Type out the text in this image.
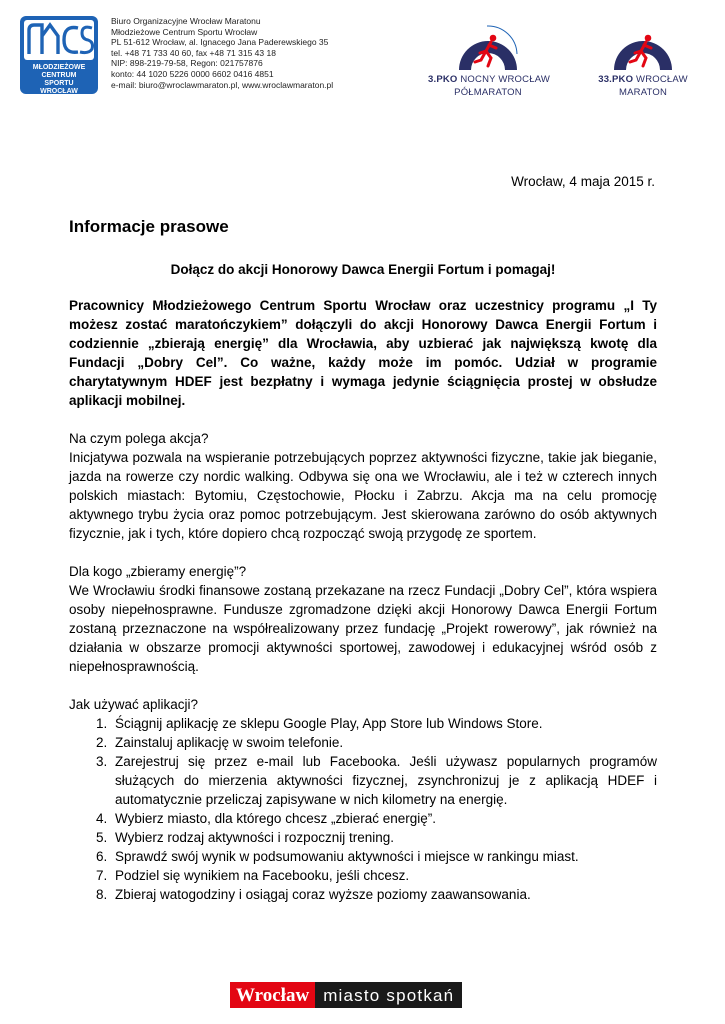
MŁODZIEŻOWE
CENTRUM
SPORTU
WROCŁAW
Biuro Organizacyjne Wrocław Maratonu
Młodzieżowe Centrum Sportu Wrocław
PL 51-612 Wrocław, al. Ignacego Jana Paderewskiego 35
tel. +48 71 733 40 60, fax +48 71 315 43 18
NIP: 898-219-79-58, Regon: 021757876
konto: 44 1020 5226 0000 6602 0416 4851
e-mail: biuro@wroclawmaraton.pl, www.wroclawmaraton.pl	3.PKO NOCNY WROCŁAW
PÓŁMARATON
33.PKO WROCŁAW
MARATON
Wrocław, 4 maja 2015 r.
Informacje prasowe
Dołącz do akcji Honorowy Dawca Energii Fortum i pomagaj!

Pracownicy Młodzieżowego Centrum Sportu Wrocław oraz uczestnicy programu „I Ty możesz zostać maratończykiem” dołączyli do akcji Honorowy Dawca Energii Fortum i codziennie „zbierają energię” dla Wrocławia, aby uzbierać jak największą kwotę dla Fundacji „Dobry Cel”. Co ważne, każdy może im pomóc. Udział w programie charytatywnym HDEF jest bezpłatny i wymaga jedynie ściągnięcia prostej w obsłudze aplikacji mobilnej.

Na czym polega akcja?
Inicjatywa pozwala na wspieranie potrzebujących poprzez aktywności fizyczne, takie jak bieganie, jazda na rowerze czy nordic walking. Odbywa się ona we Wrocławiu, ale i też w czterech innych polskich miastach: Bytomiu, Częstochowie, Płocku i Zabrzu. Akcja ma na celu promocję aktywnego trybu życia oraz pomoc potrzebującym. Jest skierowana zarówno do osób aktywnych fizycznie, jak i tych, które dopiero chcą rozpocząć swoją przygodę ze sportem.
Dla kogo „zbieramy energię”?
We Wrocławiu środki finansowe zostaną przekazane na rzecz Fundacji „Dobry Cel”, która wspiera osoby niepełnosprawne. Fundusze zgromadzone dzięki akcji Honorowy Dawca Energii Fortum zostaną przeznaczone na współrealizowany przez fundację „Projekt rowerowy”, jak również na działania w obszarze promocji aktywności sportowej, zawodowej i edukacyjnej wśród osób z niepełnosprawnością.

Jak używać aplikacji?

1. Ściągnij aplikację ze sklepu Google Play, App Store lub Windows Store.
2. Zainstaluj aplikację w swoim telefonie.
3. Zarejestruj się przez e-mail lub Facebooka. Jeśli używasz popularnych programów służących do mierzenia aktywności fizycznej, zsynchronizuj je z aplikacją HDEF i automatycznie przeliczaj zapisywane w nich kilometry na energię.
4. Wybierz miasto, dla którego chcesz „zbierać energię”.
5. Wybierz rodzaj aktywności i rozpocznij trening.
6. Sprawdź swój wynik w podsumowaniu aktywności i miejsce w rankingu miast.
7. Podziel się wynikiem na Facebooku, jeśli chcesz.
8. Zbieraj watogodziny i osiągaj coraz wyższe poziomy zaawansowania.
Wrocław miasto spotkań
